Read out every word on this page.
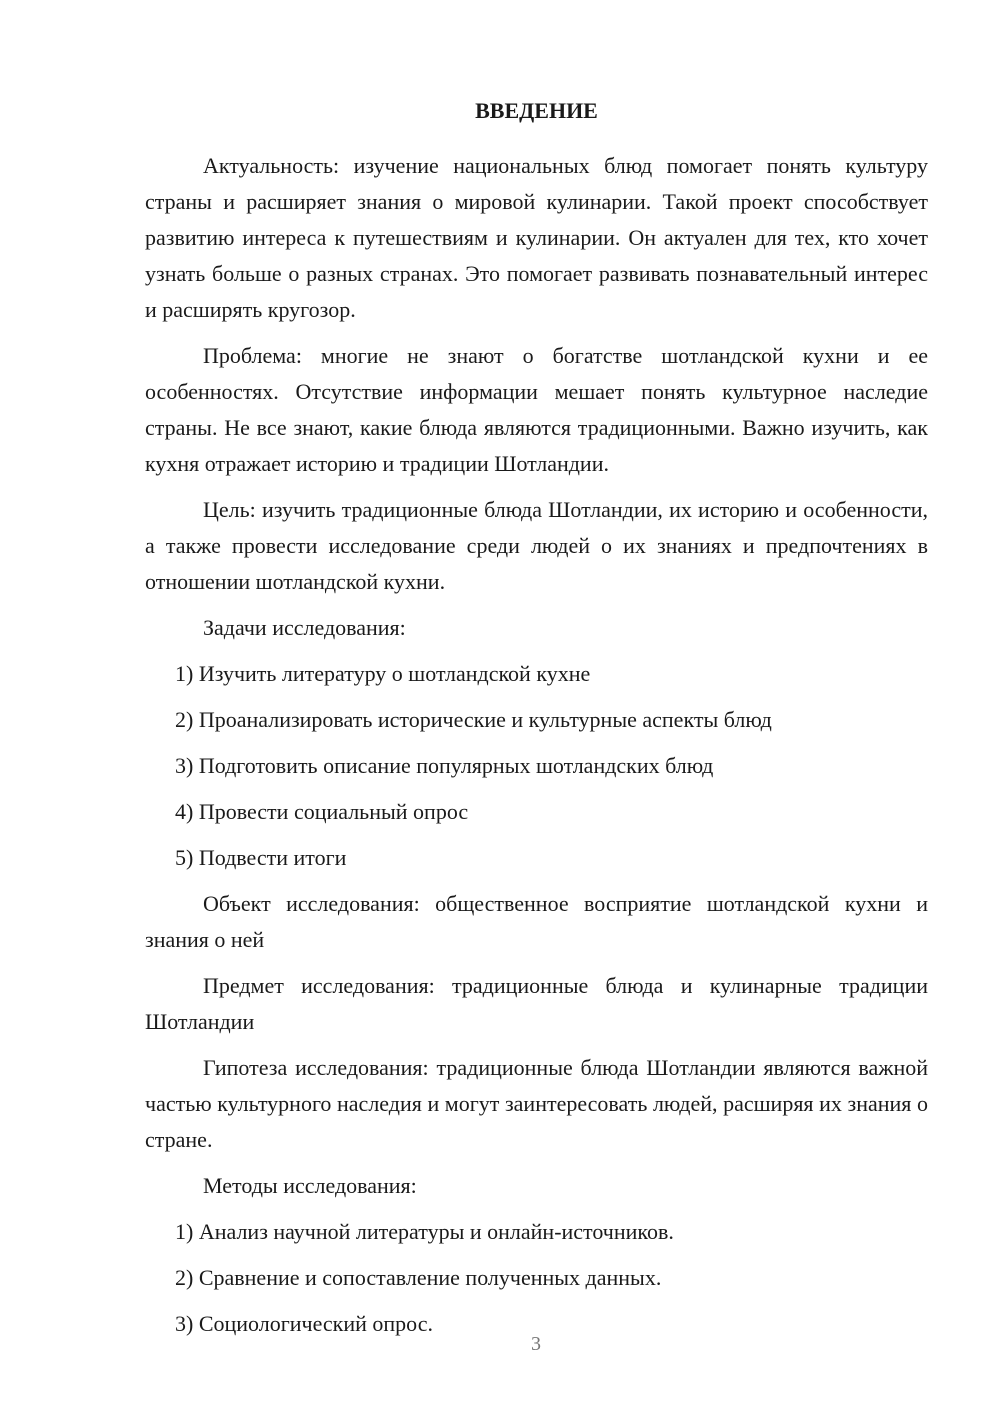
ВВЕДЕНИЕ

Актуальность: изучение национальных блюд помогает понять культуру страны и расширяет знания о мировой кулинарии. Такой проект способствует развитию интереса к путешествиям и кулинарии. Он актуален для тех, кто хочет узнать больше о разных странах. Это помогает развивать познавательный интерес и расширять кругозор.

Проблема: многие не знают о богатстве шотландской кухни и ее особенностях. Отсутствие информации мешает понять культурное наследие страны. Не все знают, какие блюда являются традиционными. Важно изучить, как кухня отражает историю и традиции Шотландии.

Цель: изучить традиционные блюда Шотландии, их историю и особенности, а также провести исследование среди людей о их знаниях и предпочтениях в отношении шотландской кухни.

Задачи исследования:

1) Изучить литературу о шотландской кухне
2) Проанализировать исторические и культурные аспекты блюд
3) Подготовить описание популярных шотландских блюд
4) Провести социальный опрос
5) Подвести итоги

Объект исследования: общественное восприятие шотландской кухни и знания о ней

Предмет исследования: традиционные блюда и кулинарные традиции Шотландии

Гипотеза исследования: традиционные блюда Шотландии являются важной частью культурного наследия и могут заинтересовать людей, расширяя их знания о стране.

Методы исследования:

1) Анализ научной литературы и онлайн-источников.
2) Сравнение и сопоставление полученных данных.
3) Социологический опрос.
3
